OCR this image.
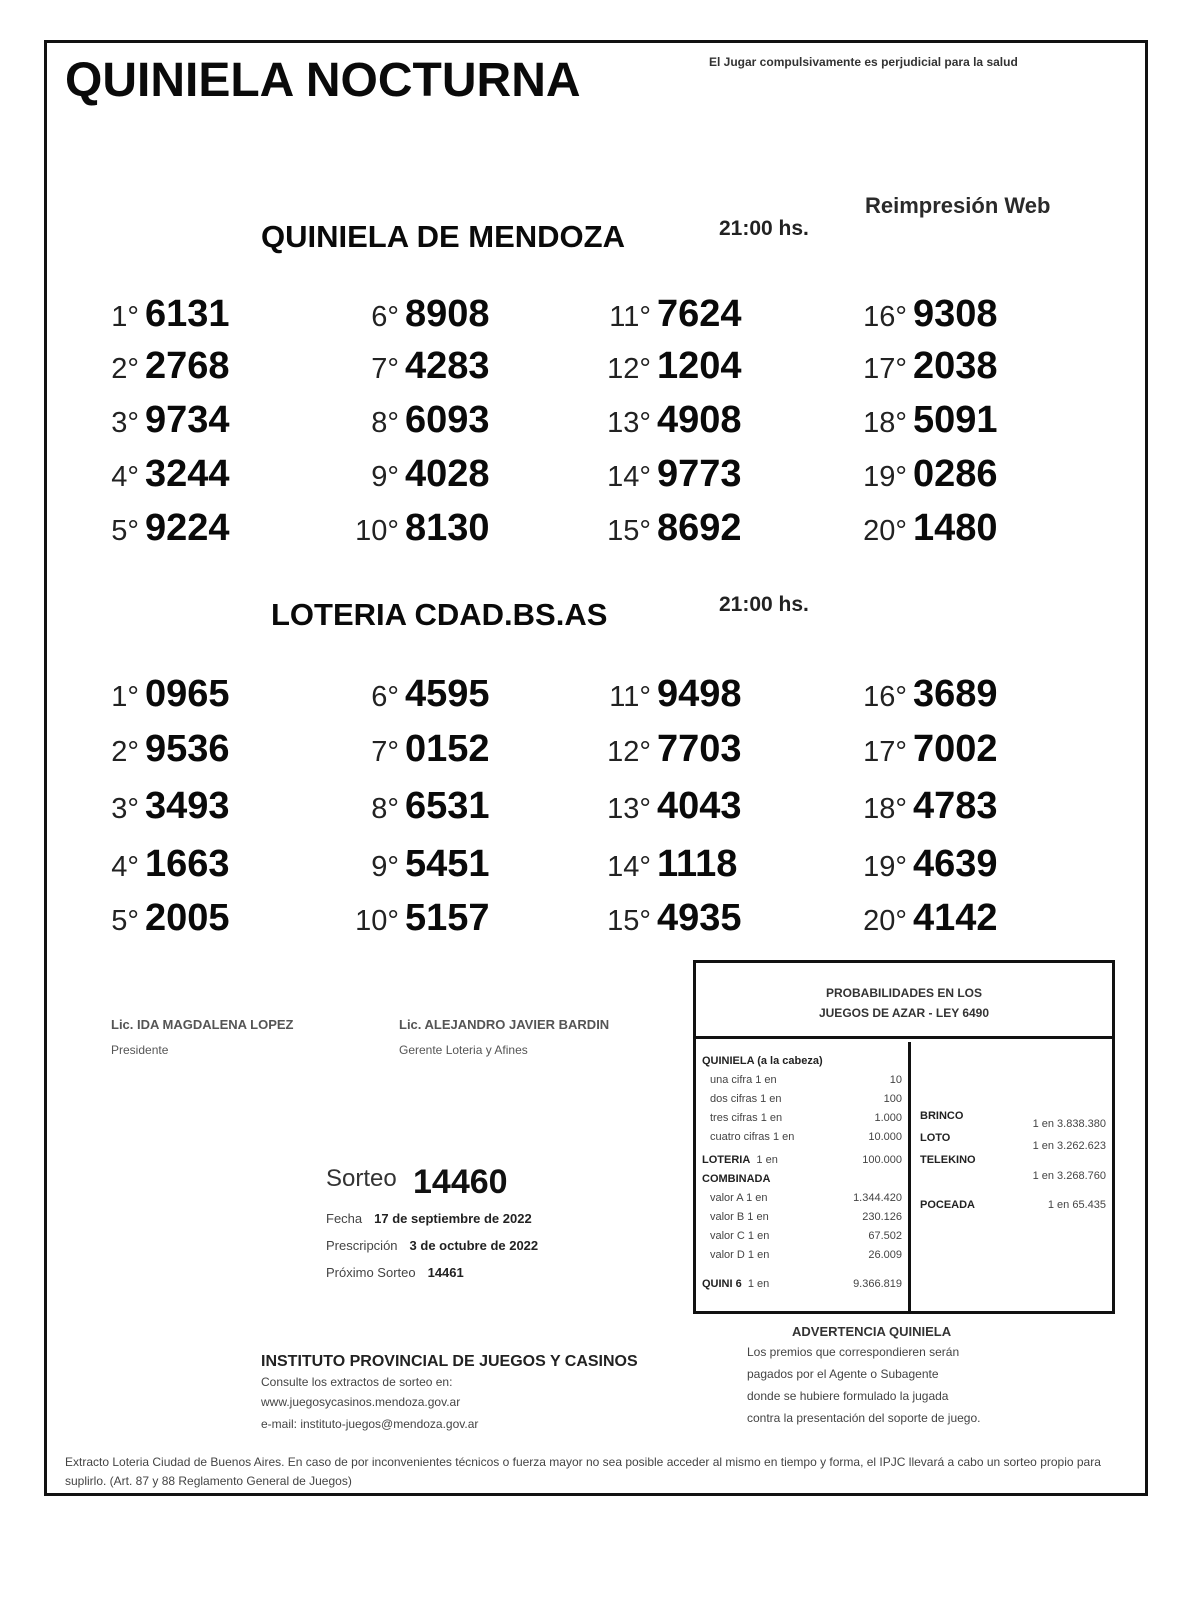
QUINIELA NOCTURNA	El Jugar compulsivamente es perjudicial para la salud
Reimpresión Web
QUINIELA DE MENDOZA	21:00 hs.
1° 6131
2° 2768
3° 9734
4° 3244
5° 9224
6° 8908
7° 4283
8° 6093
9° 4028
10° 8130
11° 7624
12° 1204
13° 4908
14° 9773
15° 8692
16° 9308
17° 2038
18° 5091
19° 0286
20° 1480
LOTERIA CDAD.BS.AS	21:00 hs.
1° 0965
2° 9536
3° 3493
4° 1663
5° 2005
6° 4595
7° 0152
8° 6531
9° 5451
10° 5157
11° 9498
12° 7703
13° 4043
14° 1118
15° 4935
16° 3689
17° 7002
18° 4783
19° 4639
20° 4142
Lic. IDA MAGDALENA LOPEZ
Presidente
Lic. ALEJANDRO JAVIER BARDIN
Gerente Loteria y Afines
PROBABILIDADES EN LOS
JUEGOS DE AZAR - LEY 6490
QUINIELA (a la cabeza)
una cifra 1 en	10
dos cifras 1 en	100
tres cifras 1 en	1.000
cuatro cifras 1 en	10.000
LOTERIA 1 en	100.000
COMBINADA
valor A 1 en	1.344.420
valor B 1 en	230.126
valor C 1 en	67.502
valor D 1 en	26.009
QUINI 6 1 en	9.366.819
BRINCO
1 en 3.838.380
LOTO
1 en 3.262.623
TELEKINO
1 en 3.268.760
POCEADA	1 en 65.435
Sorteo 14460
Fecha 17 de septiembre de 2022
Prescripción 3 de octubre de 2022
Próximo Sorteo 14461
INSTITUTO PROVINCIAL DE JUEGOS Y CASINOS
Consulte los extractos de sorteo en:
www.juegosycasinos.mendoza.gov.ar
e-mail: instituto-juegos@mendoza.gov.ar
ADVERTENCIA QUINIELA
Los premios que correspondieren serán
pagados por el Agente o Subagente
donde se hubiere formulado la jugada
contra la presentación del soporte de juego.
Extracto Loteria Ciudad de Buenos Aires. En caso de por inconvenientes técnicos o fuerza mayor no sea posible acceder al mismo en tiempo y forma, el IPJC llevará a cabo un sorteo propio para suplirlo. (Art. 87 y 88 Reglamento General de Juegos)
